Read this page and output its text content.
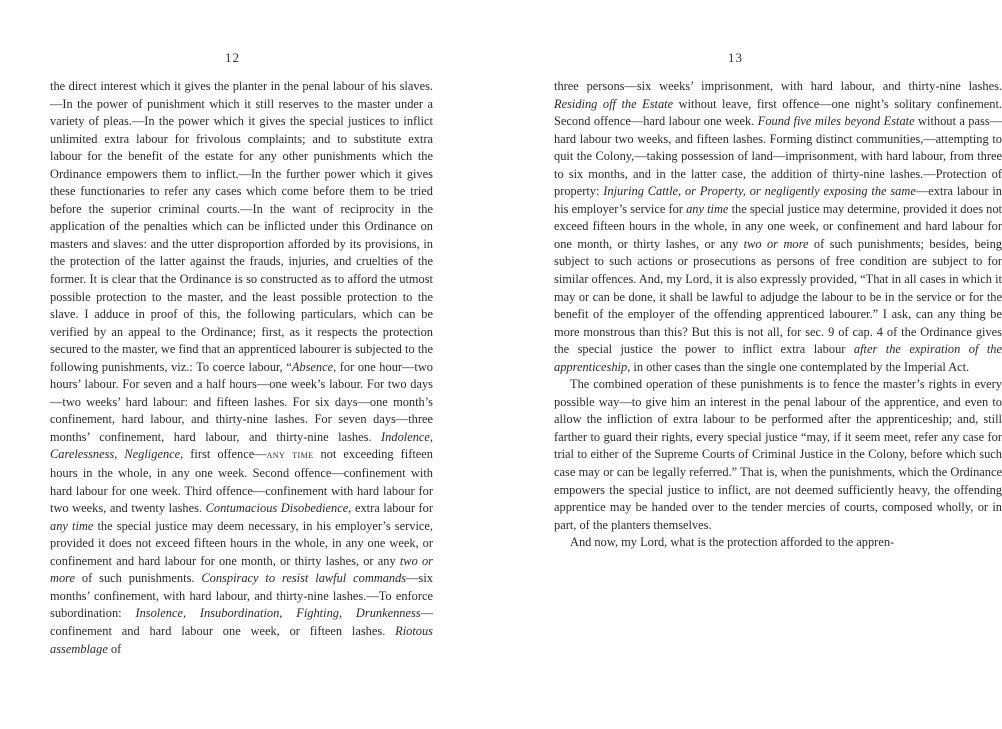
12

the direct interest which it gives the planter in the penal labour of his slaves.—In the power of punishment which it still reserves to the master under a variety of pleas.—In the power which it gives the special justices to inflict unlimited extra labour for frivolous complaints; and to substitute extra labour for the benefit of the estate for any other punishments which the Ordinance empowers them to inflict.—In the further power which it gives these functionaries to refer any cases which come before them to be tried before the superior criminal courts.—In the want of reciprocity in the application of the penalties which can be inflicted under this Ordinance on masters and slaves: and the utter disproportion afforded by its provisions, in the protection of the latter against the frauds, injuries, and cruelties of the former. It is clear that the Ordinance is so constructed as to afford the utmost possible protection to the master, and the least possible protection to the slave. I adduce in proof of this, the following particulars, which can be verified by an appeal to the Ordinance; first, as it respects the protection secured to the master, we find that an apprenticed labourer is subjected to the following punishments, viz.: To coerce labour, “Absence, for one hour—two hours’ labour. For seven and a half hours—one week’s labour. For two days—two weeks’ hard labour: and fifteen lashes. For six days—one month’s confinement, hard labour, and thirty-nine lashes. For seven days—three months’ confinement, hard labour, and thirty-nine lashes. Indolence, Carelessness, Negligence, first offence—any time not exceeding fifteen hours in the whole, in any one week. Second offence—confinement with hard labour for one week. Third offence—confinement with hard labour for two weeks, and twenty lashes. Contumacious Disobedience, extra labour for any time the special justice may deem necessary, in his employer’s service, provided it does not exceed fifteen hours in the whole, in any one week, or confinement and hard labour for one month, or thirty lashes, or any two or more of such punishments. Conspiracy to resist lawful commands—six months’ confinement, with hard labour, and thirty-nine lashes.—To enforce subordination: Insolence, Insubordination, Fighting, Drunkenness—confinement and hard labour one week, or fifteen lashes. Riotous assemblage of

13

three persons—six weeks’ imprisonment, with hard labour, and thirty-nine lashes. Residing off the Estate without leave, first offence—one night’s solitary confinement. Second offence—hard labour one week. Found five miles beyond Estate without a pass—hard labour two weeks, and fifteen lashes. Forming distinct communities,—attempting to quit the Colony,—taking possession of land—imprisonment, with hard labour, from three to six months, and in the latter case, the addition of thirty-nine lashes.—Protection of property: Injuring Cattle, or Property, or negligently exposing the same—extra labour in his employer’s service for any time the special justice may determine, provided it does not exceed fifteen hours in the whole, in any one week, or confinement and hard labour for one month, or thirty lashes, or any two or more of such punishments; besides, being subject to such actions or prosecutions as persons of free condition are subject to for similar offences. And, my Lord, it is also expressly provided, “That in all cases in which it may or can be done, it shall be lawful to adjudge the labour to be in the service or for the benefit of the employer of the offending apprenticed labourer.” I ask, can any thing be more monstrous than this? But this is not all, for sec. 9 of cap. 4 of the Ordinance gives the special justice the power to inflict extra labour after the expiration of the apprenticeship, in other cases than the single one contemplated by the Imperial Act.

The combined operation of these punishments is to fence the master’s rights in every possible way—to give him an interest in the penal labour of the apprentice, and even to allow the infliction of extra labour to be performed after the apprenticeship; and, still farther to guard their rights, every special justice “may, if it seem meet, refer any case for trial to either of the Supreme Courts of Criminal Justice in the Colony, before which such case may or can be legally referred.” That is, when the punishments, which the Ordinance empowers the special justice to inflict, are not deemed sufficiently heavy, the offending apprentice may be handed over to the tender mercies of courts, composed wholly, or in part, of the planters themselves.

And now, my Lord, what is the protection afforded to the appren-
